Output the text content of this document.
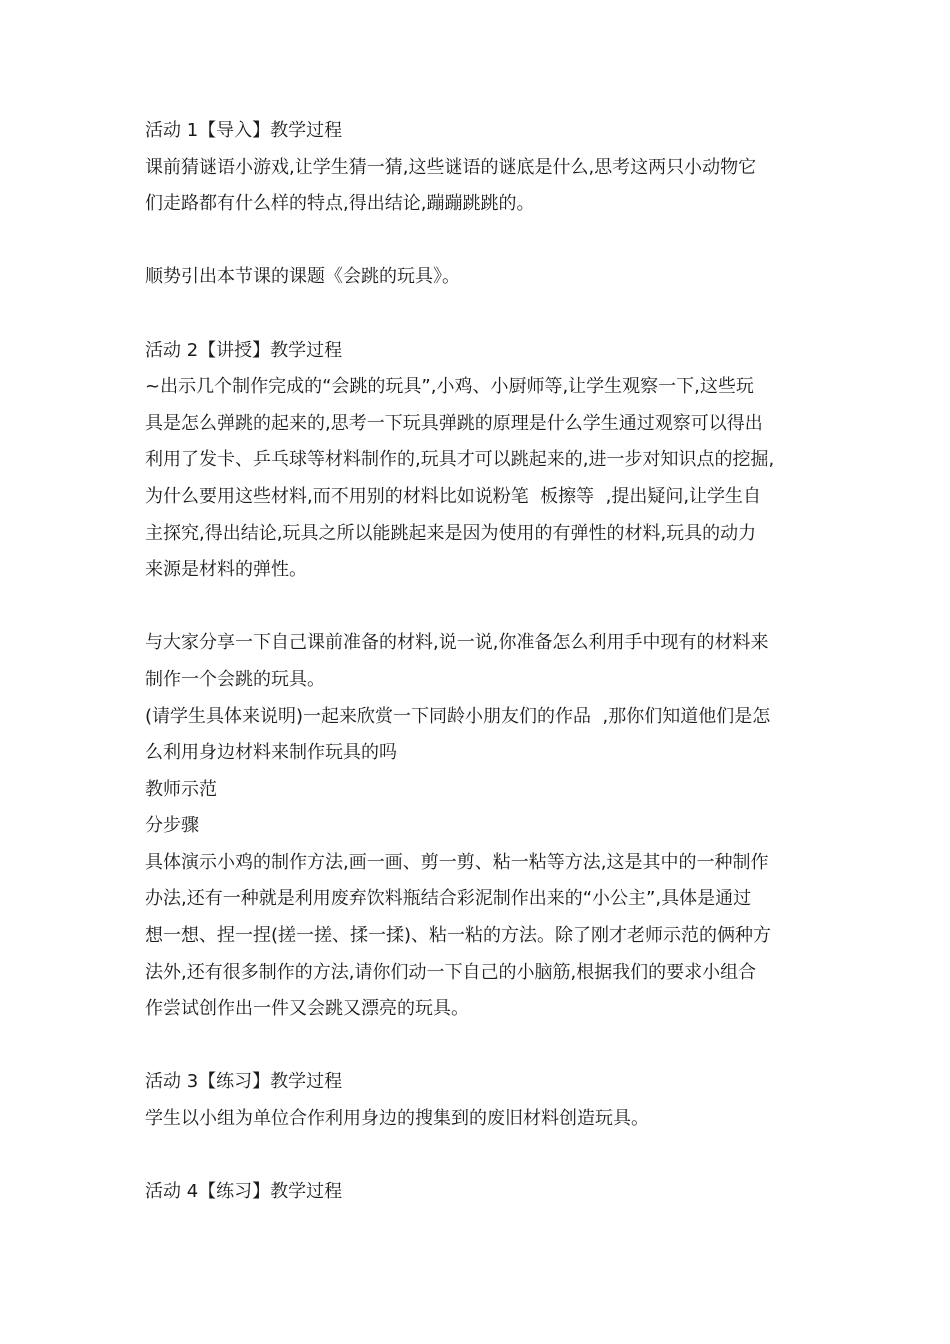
活动 1【导入】教学过程
课前猜谜语小游戏,让学生猜一猜,这些谜语的谜底是什么,思考这两只小动物它
们走路都有什么样的特点,得出结论,蹦蹦跳跳的。
顺势引出本节课的课题《会跳的玩具》。
活动 2【讲授】教学过程
~出示几个制作完成的“会跳的玩具”,小鸡、小厨师等,让学生观察一下,这些玩
具是怎么弹跳的起来的,思考一下玩具弹跳的原理是什么学生通过观察可以得出
利用了发卡、乒乓球等材料制作的,玩具才可以跳起来的,进一步对知识点的挖掘,
为什么要用这些材料,而不用别的材料比如说粉笔  板擦等  ,提出疑问,让学生自
主探究,得出结论,玩具之所以能跳起来是因为使用的有弹性的材料,玩具的动力
来源是材料的弹性。
与大家分享一下自己课前准备的材料,说一说,你准备怎么利用手中现有的材料来
制作一个会跳的玩具。
(请学生具体来说明)一起来欣赏一下同龄小朋友们的作品  ,那你们知道他们是怎
么利用身边材料来制作玩具的吗
教师示范
分步骤
具体演示小鸡的制作方法,画一画、剪一剪、粘一粘等方法,这是其中的一种制作
办法,还有一种就是利用废弃饮料瓶结合彩泥制作出来的“小公主”,具体是通过
想一想、捏一捏(搓一搓、揉一揉)、粘一粘的方法。除了刚才老师示范的俩种方
法外,还有很多制作的方法,请你们动一下自己的小脑筋,根据我们的要求小组合
作尝试创作出一件又会跳又漂亮的玩具。
活动 3【练习】教学过程
学生以小组为单位合作利用身边的搜集到的废旧材料创造玩具。
活动 4【练习】教学过程
